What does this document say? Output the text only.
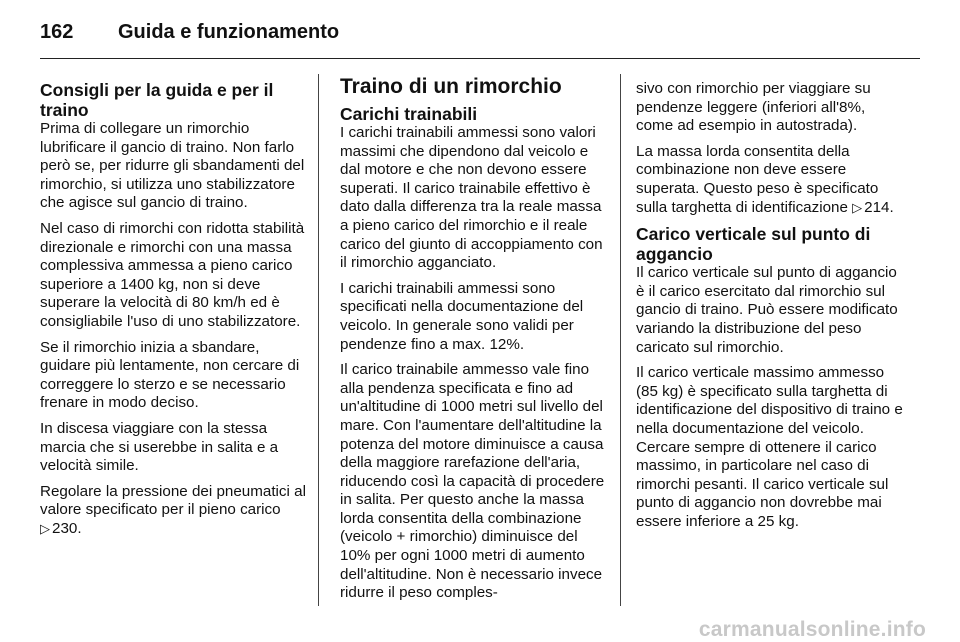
162	Guida e funzionamento
Consigli per la guida e per il traino

Prima di collegare un rimorchio lubrificare il gancio di traino. Non farlo però se, per ridurre gli sbandamenti del rimorchio, si utilizza uno stabilizzatore che agisce sul gancio di traino.

Nel caso di rimorchi con ridotta stabilità direzionale e rimorchi con una massa complessiva ammessa a pieno carico superiore a 1400 kg, non si deve superare la velocità di 80 km/h ed è consigliabile l'uso di uno stabilizzatore.

Se il rimorchio inizia a sbandare, guidare più lentamente, non cercare di correggere lo sterzo e se necessario frenare in modo deciso.

In discesa viaggiare con la stessa marcia che si userebbe in salita e a velocità simile.

Regolare la pressione dei pneumatici al valore specificato per il pieno carico
▷ 230.

Traino di un rimorchio
Carichi trainabili

I carichi trainabili ammessi sono valori massimi che dipendono dal veicolo e dal motore e che non devono essere superati. Il carico trainabile effettivo è dato dalla differenza tra la reale massa a pieno carico del rimorchio e il reale carico del giunto di accoppiamento con il rimorchio agganciato.

I carichi trainabili ammessi sono specificati nella documentazione del veicolo. In generale sono validi per pendenze fino a max. 12%.

Il carico trainabile ammesso vale fino alla pendenza specificata e fino ad un'altitudine di 1000 metri sul livello del mare. Con l'aumentare dell'altitudine la potenza del motore diminuisce a causa della maggiore rarefazione dell'aria, riducendo così la capacità di procedere in salita. Per questo anche la massa lorda consentita della combinazione (veicolo + rimorchio) diminuisce del 10% per ogni 1000 metri di aumento dell'altitudine. Non è necessario invece ridurre il peso comples-

sivo con rimorchio per viaggiare su pendenze leggere (inferiori all'8%, come ad esempio in autostrada).

La massa lorda consentita della combinazione non deve essere superata. Questo peso è specificato sulla targhetta di identificazione ▷ 214.

Carico verticale sul punto di aggancio

Il carico verticale sul punto di aggancio è il carico esercitato dal rimorchio sul gancio di traino. Può essere modificato variando la distribuzione del peso caricato sul rimorchio.

Il carico verticale massimo ammesso (85 kg) è specificato sulla targhetta di identificazione del dispositivo di traino e nella documentazione del veicolo. Cercare sempre di ottenere il carico massimo, in particolare nel caso di rimorchi pesanti. Il carico verticale sul punto di aggancio non dovrebbe mai essere inferiore a 25 kg.

carmanualsonline.info
